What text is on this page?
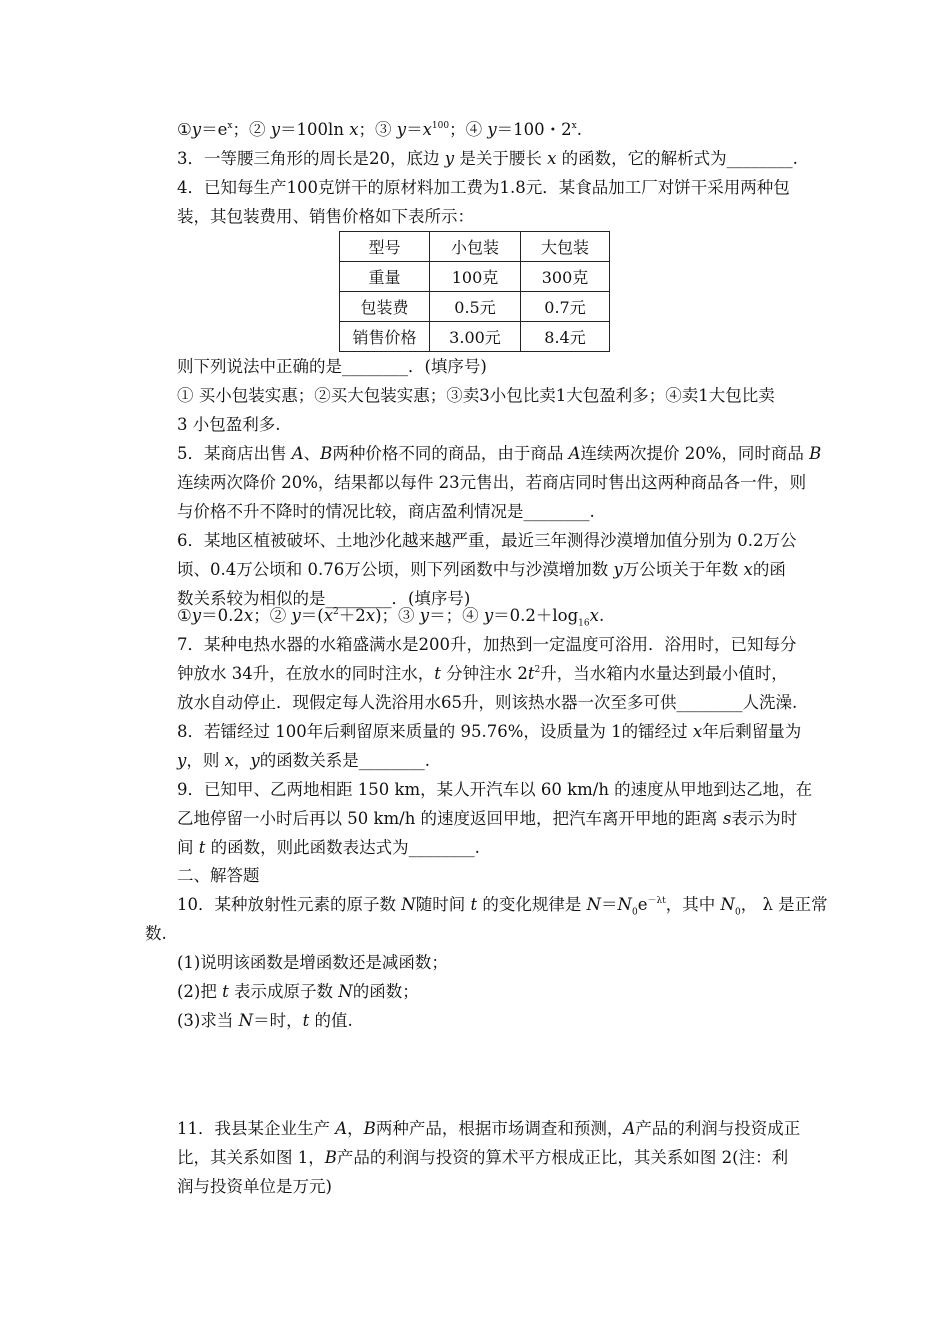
$①y=e^x$；② y＝100ln x；③ $y=x^{100}$；④ y＝100・2$^x$.
3．一等腰三角形的周长是20，底边 y 是关于腰长 x 的函数，它的解析式为________.
4．已知每生产100克饼干的原材料加工费为1.8元．某食品加工厂对饼干采用两种包
装，其包装费用、销售价格如下表所示：
型号	小包装	大包装
重量	100克	300克
包装费	0.5元	0.7元
销售价格	3.00元	8.4元
则下列说法中正确的是________．(填序号)
① 买小包装实惠；②买大包装实惠；③卖3小包比卖1大包盈利多；④卖1大包比卖
3 小包盈利多.
5．某商店出售 A、B两种价格不同的商品，由于商品 A连续两次提价 20%，同时商品 B
连续两次降价 20%，结果都以每件 23元售出，若商店同时售出这两种商品各一件，则
与价格不升不降时的情况比较，商店盈利情况是________.
6．某地区植被破坏、土地沙化越来越严重，最近三年测得沙漠增加值分别为 0.2万公
顷、0.4万公顷和 0.76万公顷，则下列函数中与沙漠增加数 y万公顷关于年数 x的函
数关系较为相似的是________．(填序号)
①y＝0.2x；② $y=(x^2+2x)$；③ y＝；④ $y=0.2+\log_{16}x$.
7．某种电热水器的水箱盛满水是200升，加热到一定温度可浴用．浴用时，已知每分
钟放水 34升，在放水的同时注水，t 分钟注水 $2t^2$升，当水箱内水量达到最小值时，
放水自动停止．现假定每人洗浴用水65升，则该热水器一次至多可供________人洗澡.
8．若镭经过 100年后剩留原来质量的 95.76%，设质量为 1的镭经过 x年后剩留量为
y，则 x，y的函数关系是________.
9．已知甲、乙两地相距 150 km，某人开汽车以 60 km/h 的速度从甲地到达乙地，在
乙地停留一小时后再以 50 km/h 的速度返回甲地，把汽车离开甲地的距离 s表示为时
间 t 的函数，则此函数表达式为________.
二、解答题
10．某种放射性元素的原子数 N随时间 t 的变化规律是 $N=N_0e^{-\lambda t}$，其中 $N_0$， λ 是正常
数.
(1)说明该函数是增函数还是减函数；
(2)把 t 表示成原子数 N的函数；
(3)求当 N＝时，t 的值.
11．我县某企业生产 A，B两种产品，根据市场调查和预测，A产品的利润与投资成正
比，其关系如图 1，B产品的利润与投资的算术平方根成正比，其关系如图 2(注：利
润与投资单位是万元)
